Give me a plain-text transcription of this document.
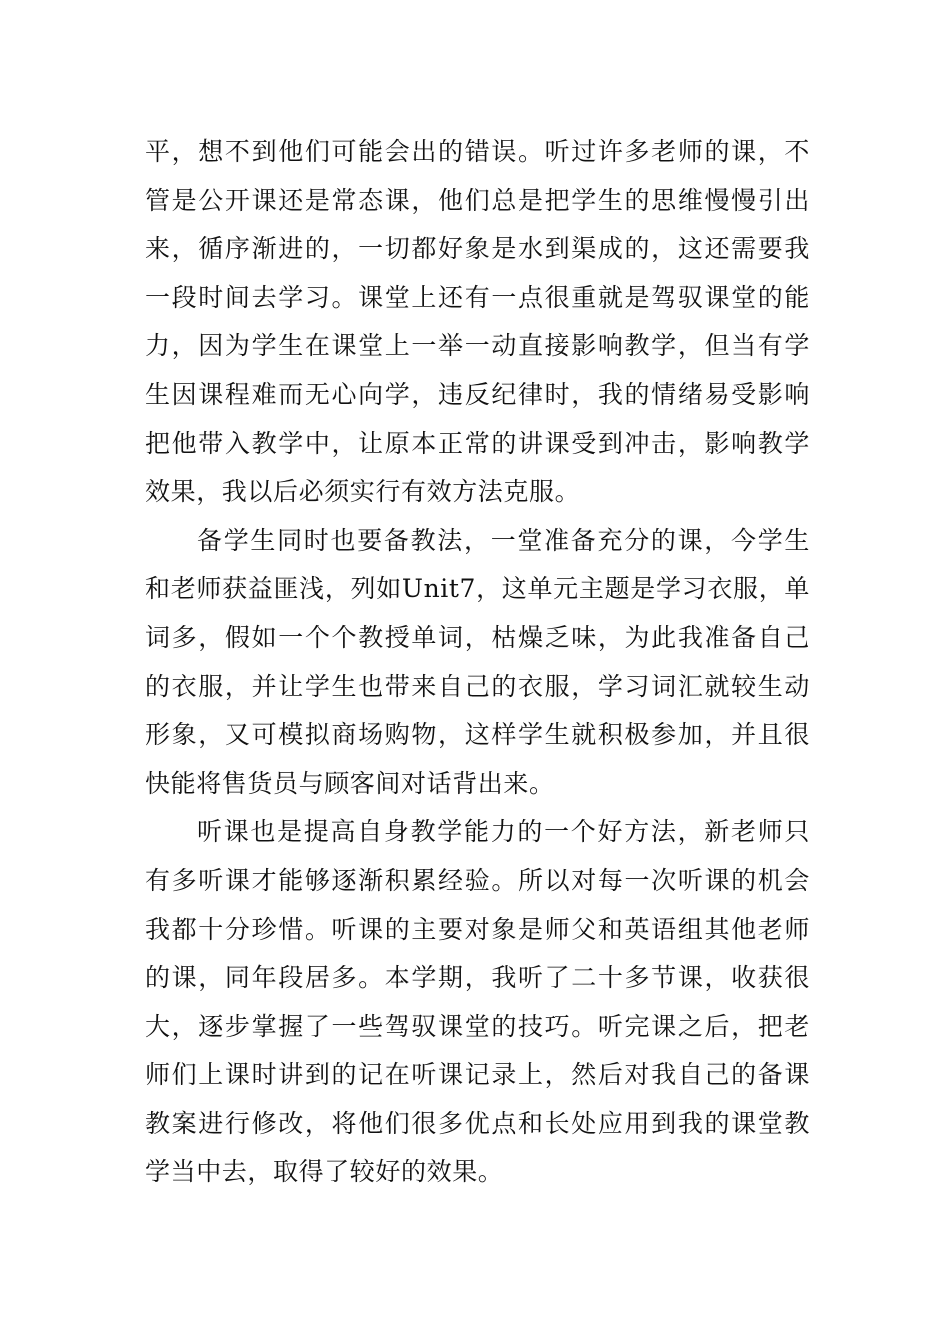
平，想不到他们可能会出的错误。听过许多老师的课，不管是公开课还是常态课，他们总是把学生的思维慢慢引出来，循序渐进的，一切都好象是水到渠成的，这还需要我一段时间去学习。课堂上还有一点很重就是驾驭课堂的能力，因为学生在课堂上一举一动直接影响教学，但当有学生因课程难而无心向学，违反纪律时，我的情绪易受影响把他带入教学中，让原本正常的讲课受到冲击，影响教学效果，我以后必须实行有效方法克服。

备学生同时也要备教法，一堂准备充分的课，今学生和老师获益匪浅，列如Unit7，这单元主题是学习衣服，单词多，假如一个个教授单词，枯燥乏味，为此我准备自己的衣服，并让学生也带来自己的衣服，学习词汇就较生动形象，又可模拟商场购物，这样学生就积极参加，并且很快能将售货员与顾客间对话背出来。

听课也是提高自身教学能力的一个好方法，新老师只有多听课才能够逐渐积累经验。所以对每一次听课的机会我都十分珍惜。听课的主要对象是师父和英语组其他老师的课，同年段居多。本学期，我听了二十多节课，收获很大，逐步掌握了一些驾驭课堂的技巧。听完课之后，把老师们上课时讲到的记在听课记录上，然后对我自己的备课教案进行修改，将他们很多优点和长处应用到我的课堂教学当中去，取得了较好的效果。
